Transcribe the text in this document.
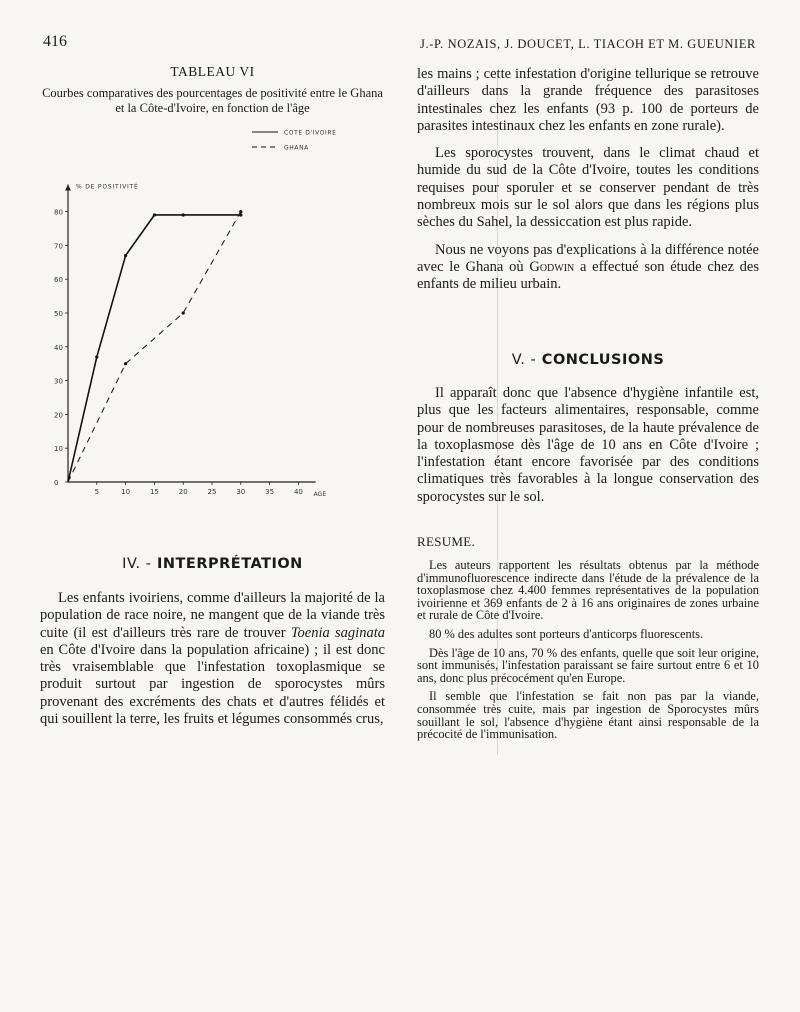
416	J.-P. NOZAIS, J. DOUCET, L. TIACOH ET M. GUEUNIER

TABLEAU VI

Courbes comparatives des pourcentages de positivité entre le Ghana et la Côte-d'Ivoire, en fonction de l'âge

% DE POSITIVITÉ
AGE
0
10
20
30
40
50
60
70
80
5	10	15	20	25	30	35	40
COTE D'IVOIRE
GHANA
IV. - INTERPRÉTATION

Les enfants ivoiriens, comme d'ailleurs la majorité de la population de race noire, ne mangent que de la viande très cuite (il est d'ailleurs très rare de trouver Toenia saginata en Côte d'Ivoire dans la population africaine) ; il est donc très vraisemblable que l'infestation toxoplasmique se produit surtout par ingestion de sporocystes mûrs provenant des excréments des chats et d'autres félidés et qui souillent la terre, les fruits et légumes consommés crus,

les mains ; cette infestation d'origine tellurique se retrouve d'ailleurs dans la grande fréquence des parasitoses intestinales chez les enfants (93 p. 100 de porteurs de parasites intestinaux chez les enfants en zone rurale).

Les sporocystes trouvent, dans le climat chaud et humide du sud de la Côte d'Ivoire, toutes les conditions requises pour sporuler et se conserver pendant de très nombreux mois sur le sol alors que dans les régions plus sèches du Sahel, la dessiccation est plus rapide.

Nous ne voyons pas d'explications à la différence notée avec le Ghana où Godwin a effectué son étude chez des enfants de milieu urbain.

V. - CONCLUSIONS

Il apparaît donc que l'absence d'hygiène infantile est, plus que les facteurs alimentaires, responsable, comme pour de nombreuses parasitoses, de la haute prévalence de la toxoplasmose dès l'âge de 10 ans en Côte d'Ivoire ; l'infestation étant encore favorisée par des conditions climatiques très favorables à la longue conservation des sporocystes sur le sol.

RESUME.

Les auteurs rapportent les résultats obtenus par la méthode d'immunofluorescence indirecte dans l'étude de la prévalence de la toxoplasmose chez 4.400 femmes représentatives de la population ivoirienne et 369 enfants de 2 à 16 ans originaires de zones urbaine et rurale de Côte d'Ivoire.

80 % des adultes sont porteurs d'anticorps fluorescents.

Dès l'âge de 10 ans, 70 % des enfants, quelle que soit leur origine, sont immunisés, l'infestation paraissant se faire surtout entre 6 et 10 ans, donc plus précocément qu'en Europe.

Il semble que l'infestation se fait non pas par la viande, consommée très cuite, mais par ingestion de Sporocystes mûrs souillant le sol, l'absence d'hygiène étant ainsi responsable de la précocité de l'immunisation.
